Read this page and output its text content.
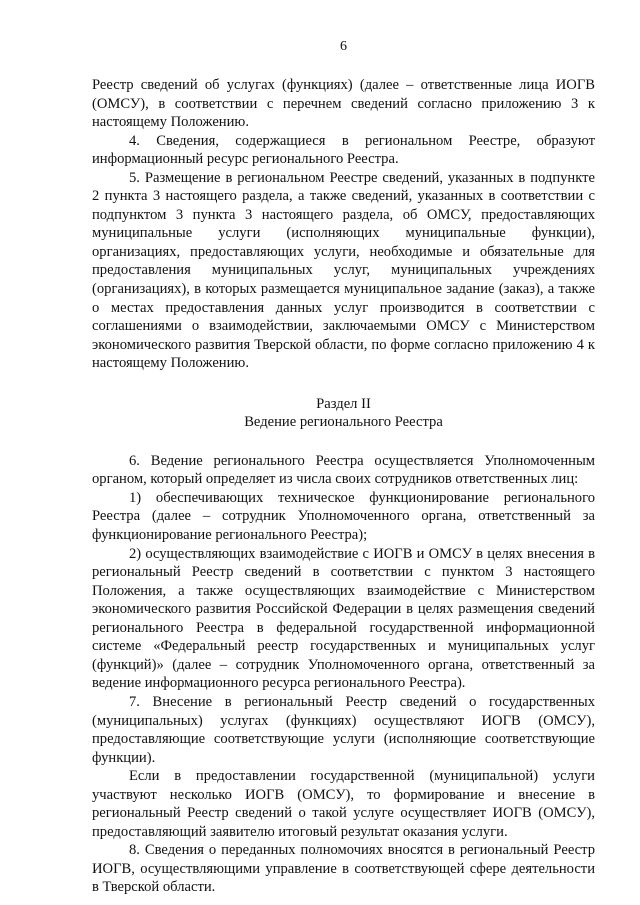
6

Реестр сведений об услугах (функциях) (далее – ответственные лица ИОГВ (ОМСУ), в соответствии с перечнем сведений согласно приложению 3 к настоящему Положению.

4. Сведения, содержащиеся в региональном Реестре, образуют информационный ресурс регионального Реестра.

5. Размещение в региональном Реестре сведений, указанных в подпункте 2 пункта 3 настоящего раздела, а также сведений, указанных в соответствии с подпунктом 3 пункта 3 настоящего раздела, об ОМСУ, предоставляющих муниципальные услуги (исполняющих муниципальные функции), организациях, предоставляющих услуги, необходимые и обязательные для предоставления муниципальных услуг, муниципальных учреждениях (организациях), в которых размещается муниципальное задание (заказ), а также о местах предоставления данных услуг производится в соответствии с соглашениями о взаимодействии, заключаемыми ОМСУ с Министерством экономического развития Тверской области, по форме согласно приложению 4 к настоящему Положению.

Раздел II
Ведение регионального Реестра

6. Ведение регионального Реестра осуществляется Уполномоченным органом, который определяет из числа своих сотрудников ответственных лиц:

1) обеспечивающих техническое функционирование регионального Реестра (далее – сотрудник Уполномоченного органа, ответственный за функционирование регионального Реестра);

2) осуществляющих взаимодействие с ИОГВ и ОМСУ в целях внесения в региональный Реестр сведений в соответствии с пунктом 3 настоящего Положения, а также осуществляющих взаимодействие с Министерством экономического развития Российской Федерации в целях размещения сведений регионального Реестра в федеральной государственной информационной системе «Федеральный реестр государственных и муниципальных услуг (функций)» (далее – сотрудник Уполномоченного органа, ответственный за ведение информационного ресурса регионального Реестра).

7. Внесение в региональный Реестр сведений о государственных (муниципальных) услугах (функциях) осуществляют ИОГВ (ОМСУ), предоставляющие соответствующие услуги (исполняющие соответствующие функции).

Если в предоставлении государственной (муниципальной) услуги участвуют несколько ИОГВ (ОМСУ), то формирование и внесение в региональный Реестр сведений о такой услуге осуществляет ИОГВ (ОМСУ), предоставляющий заявителю итоговый результат оказания услуги.

8. Сведения о переданных полномочиях вносятся в региональный Реестр ИОГВ, осуществляющими управление в соответствующей сфере деятельности в Тверской области.
